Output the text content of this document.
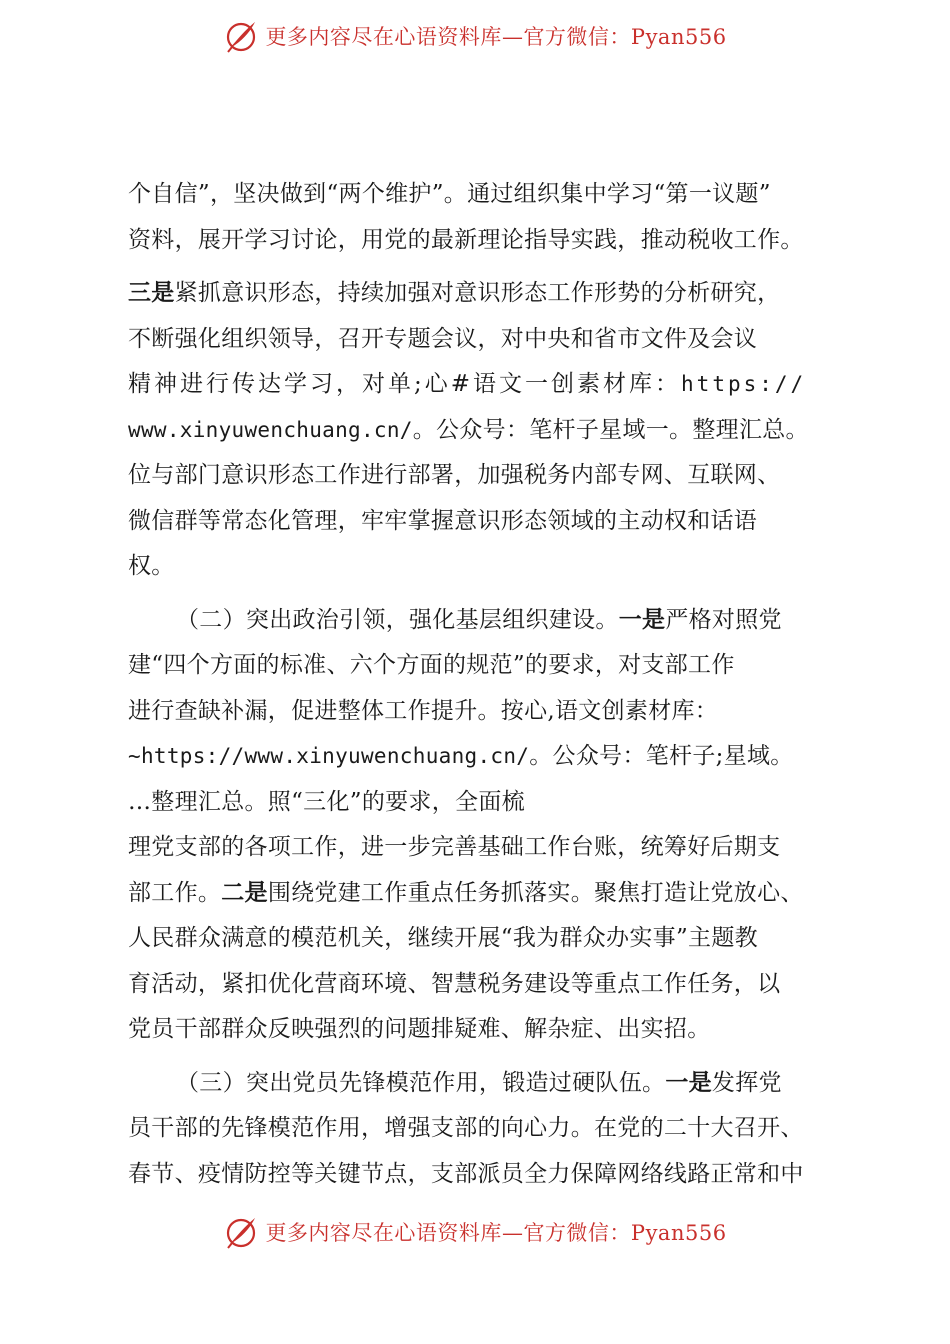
更多内容尽在心语资料库—官方微信：Pyan556
个自信”，坚决做到“两个维护”。通过组织集中学习“第一议题”
资料，展开学习讨论，用党的最新理论指导实践，推动税收工作。
三是紧抓意识形态，持续加强对意识形态工作形势的分析研究，
不断强化组织领导，召开专题会议，对中央和省市文件及会议
精神进行传达学习，对单;心#语文一创素材库：https://
www.xinyuwenchuang.cn/。公众号：笔杆子星域一。整理汇总。
位与部门意识形态工作进行部署，加强税务内部专网、互联网、
微信群等常态化管理，牢牢掌握意识形态领域的主动权和话语
权。
（二）突出政治引领，强化基层组织建设。一是严格对照党
建“四个方面的标准、六个方面的规范”的要求，对支部工作
进行查缺补漏，促进整体工作提升。按心,语文创素材库：
~https://www.xinyuwenchuang.cn/。公众号：笔杆子;星域。
…整理汇总。照“三化”的要求，全面梳
理党支部的各项工作，进一步完善基础工作台账，统筹好后期支
部工作。二是围绕党建工作重点任务抓落实。聚焦打造让党放心、
人民群众满意的模范机关，继续开展“我为群众办实事”主题教
育活动，紧扣优化营商环境、智慧税务建设等重点工作任务，以
党员干部群众反映强烈的问题排疑难、解杂症、出实招。
（三）突出党员先锋模范作用，锻造过硬队伍。一是发挥党
员干部的先锋模范作用，增强支部的向心力。在党的二十大召开、
春节、疫情防控等关键节点，支部派员全力保障网络线路正常和中
更多内容尽在心语资料库—官方微信：Pyan556
